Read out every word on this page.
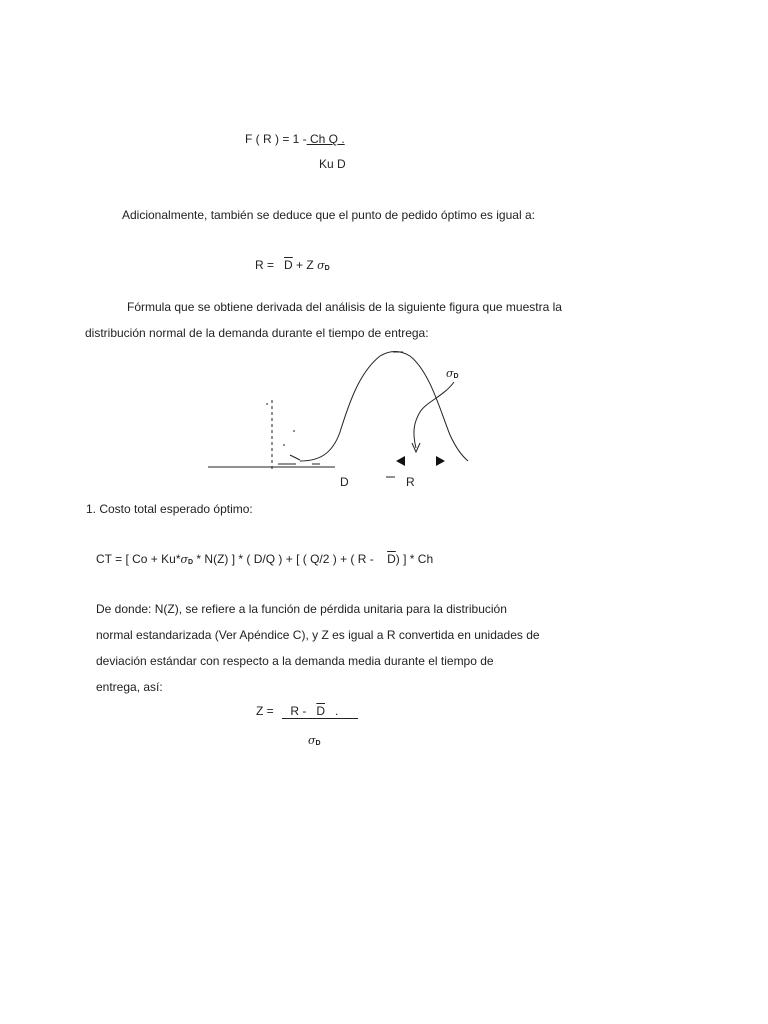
F ( R ) = 1 - Ch Q .
Ku D
Adicionalmente, también se deduce que el punto de pedido óptimo es igual a:
$R = \overline{D} + Z$ σD
Fórmula que se obtiene derivada del análisis de la siguiente figura que muestra la
distribución normal de la demanda durante el tiempo de entrega:
σD
D	R
1. Costo total esperado óptimo:
CT = [ Co + Ku*σD * N(Z) ] * ( D/Q ) + [ ( Q/2 ) + ( R - $\overline{D}$) ] * Ch
De donde: N(Z), se refiere a la función de pérdida unitaria para la distribución
normal estandarizada (Ver Apéndice C), y Z es igual a R convertida en unidades de
deviación estándar con respecto a la demanda media durante el tiempo de
entrega, así:
$Z = R - \overline{D}$ .
σD
